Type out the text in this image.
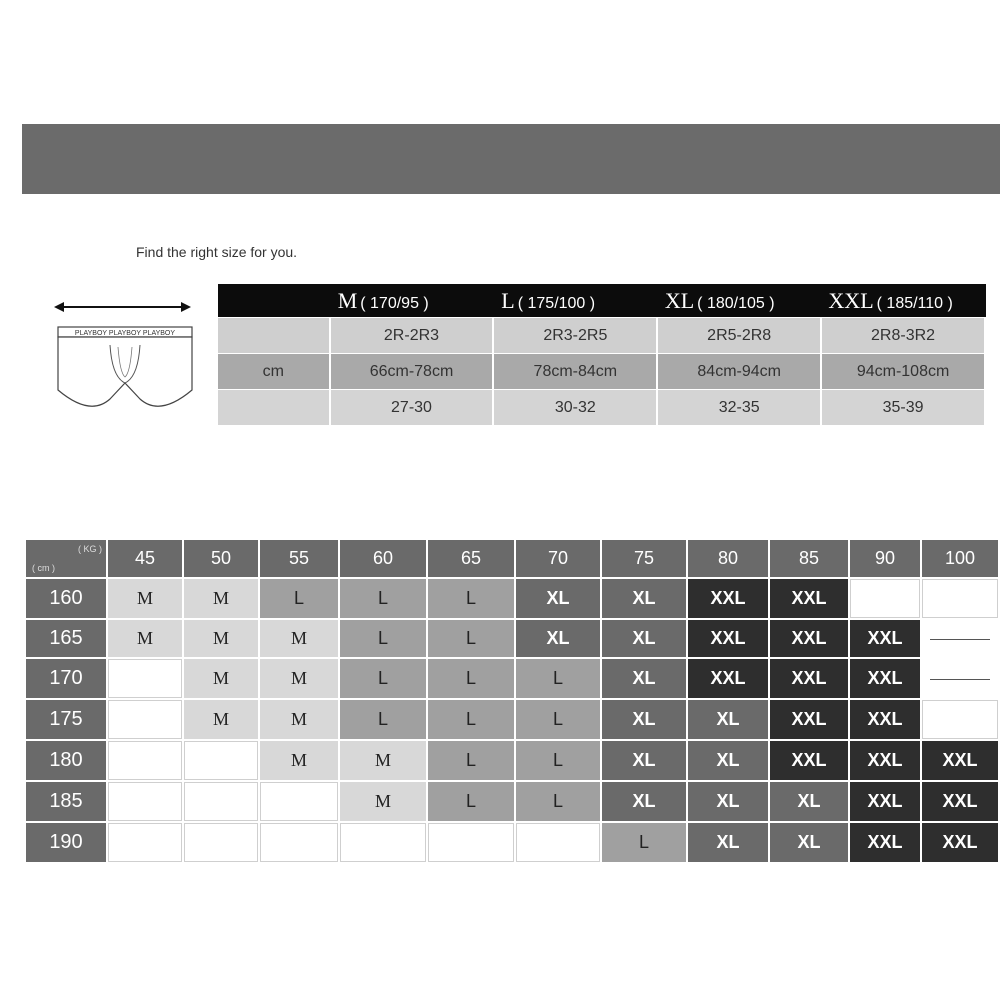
Find the right size for you.
PLAYBOY PLAYBOY PLAYBOY
M ( 170/95 )	L ( 175/100 )	XL ( 180/105 ) XXL ( 185/110 )
2R-2R3	2R3-2R5	2R5-2R8	2R8-3R2
cm	66cm-78cm	78cm-84cm	84cm-94cm	94cm-108cm
27-30	30-32	32-35	35-39
( KG )
( cm )	45	50	55	60	65	70	75	80	85	90	100
160	M	M	L	L	L	XL	XL	XXL	XXL		
165	M	M	M	L	L	XL	XL	XXL	XXL	XXL	
170		M	M	L	L	L	XL	XXL	XXL	XXL	
175		M	M	L	L	L	XL	XL	XXL	XXL	
180			M	M	L	L	XL	XL	XXL	XXL	XXL
185				M	L	L	XL	XL	XL	XXL	XXL
190							L	XL	XL	XXL	XXL
